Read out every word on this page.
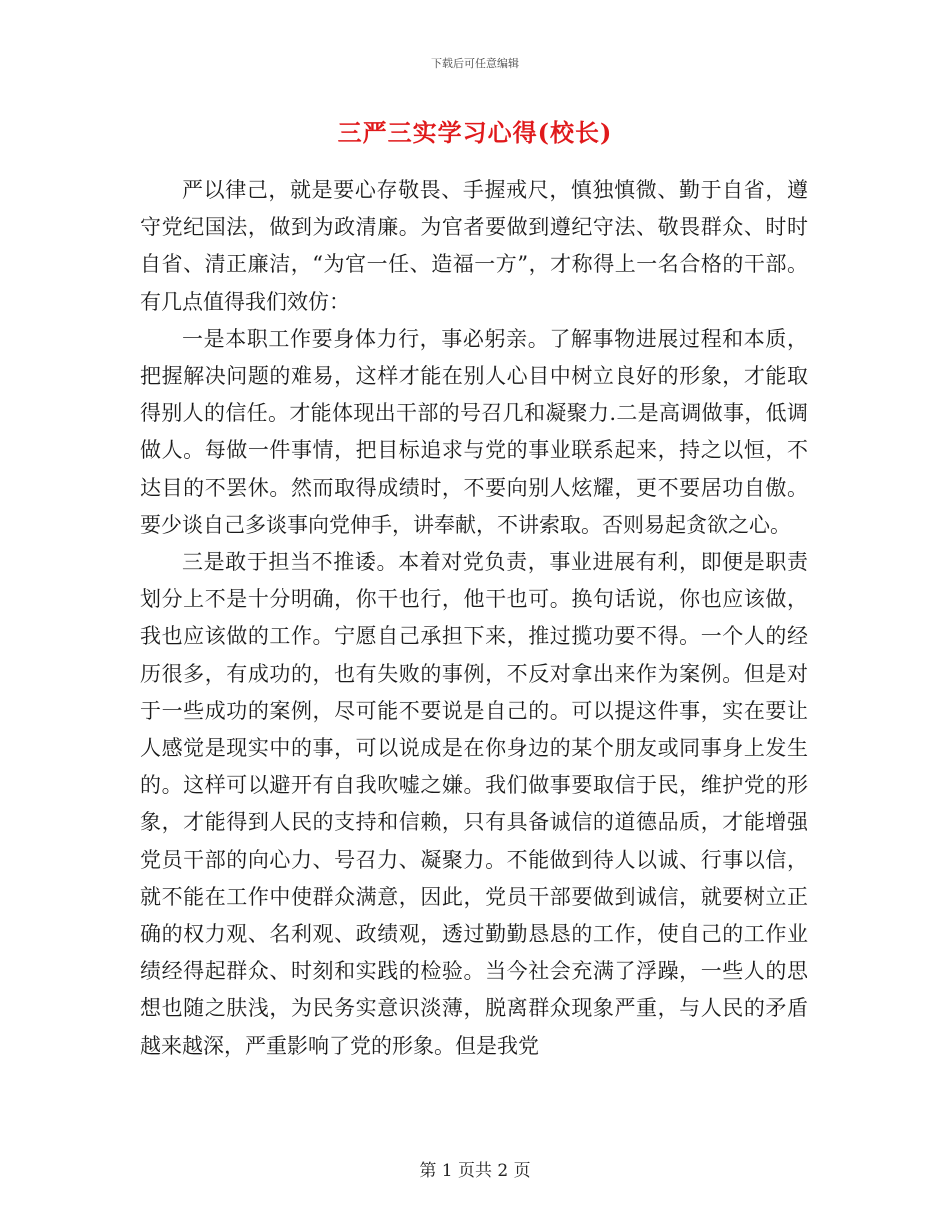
下载后可任意编辑
三严三实学习心得(校长)

严以律己，就是要心存敬畏、手握戒尺，慎独慎微、勤于自省，遵守党纪国法，做到为政清廉。为官者要做到遵纪守法、敬畏群众、时时自省、清正廉洁，“为官一任、造福一方”，才称得上一名合格的干部。有几点值得我们效仿：

一是本职工作要身体力行，事必躬亲。了解事物进展过程和本质，把握解决问题的难易，这样才能在别人心目中树立良好的形象，才能取得别人的信任。才能体现出干部的号召几和凝聚力.二是高调做事，低调做人。每做一件事情，把目标追求与党的事业联系起来，持之以恒，不达目的不罢休。然而取得成绩时，不要向别人炫耀，更不要居功自傲。要少谈自己多谈事向党伸手，讲奉献，不讲索取。否则易起贪欲之心。

三是敢于担当不推诿。本着对党负责，事业进展有利，即便是职责划分上不是十分明确，你干也行，他干也可。换句话说，你也应该做，我也应该做的工作。宁愿自己承担下来，推过揽功要不得。一个人的经历很多，有成功的，也有失败的事例，不反对拿出来作为案例。但是对于一些成功的案例，尽可能不要说是自己的。可以提这件事，实在要让人感觉是现实中的事，可以说成是在你身边的某个朋友或同事身上发生的。这样可以避开有自我吹嘘之嫌。我们做事要取信于民，维护党的形象，才能得到人民的支持和信赖，只有具备诚信的道德品质，才能增强党员干部的向心力、号召力、凝聚力。不能做到待人以诚、行事以信，就不能在工作中使群众满意，因此，党员干部要做到诚信，就要树立正确的权力观、名利观、政绩观，透过勤勤恳恳的工作，使自己的工作业绩经得起群众、时刻和实践的检验。当今社会充满了浮躁，一些人的思想也随之肤浅，为民务实意识淡薄，脱离群众现象严重，与人民的矛盾越来越深，严重影响了党的形象。但是我党

第 1 页共 2 页
